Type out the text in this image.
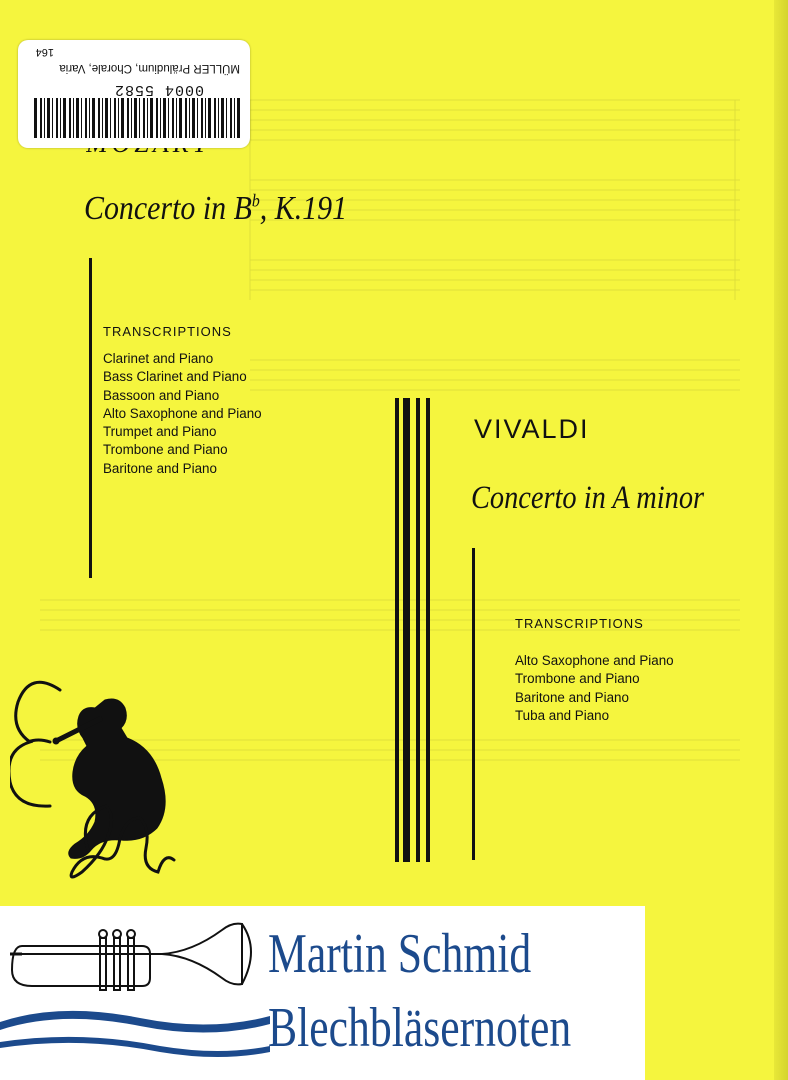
Concerto in $B^b$, K.191
TRANSCRIPTIONS
Clarinet and Piano
Bass Clarinet and Piano
Bassoon and Piano
Alto Saxophone and Piano
Trumpet and Piano
Trombone and Piano
Baritone and Piano
VIVALDI
Concerto in A minor
TRANSCRIPTIONS
Alto Saxophone and Piano
Trombone and Piano
Baritone and Piano
Tuba and Piano
0004 5582
MÜLLER Präludium, Chorale, Varia
164
Martin Schmid
Blechbläsernoten
